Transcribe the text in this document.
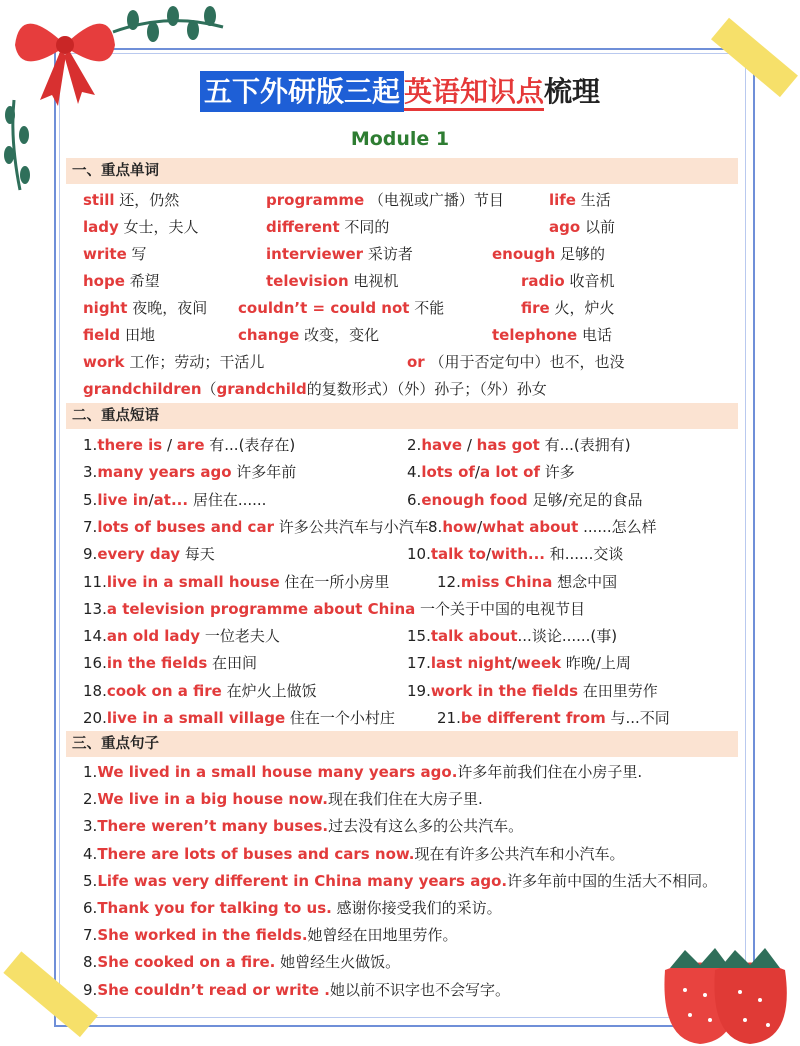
五下外研版三起 英语知识点梳理
Module 1
一、重点单词
still 还，仍然	programme （电视或广播）节目	life 生活
lady 女士，夫人	different 不同的	ago 以前
write 写	interviewer 采访者	enough 足够的
hope 希望	television 电视机	radio 收音机
night 夜晚，夜间 couldn’t = could not 不能	fire 火，炉火
field 田地	change 改变，变化	telephone 电话
work 工作；劳动；干活儿	or （用于否定句中）也不，也没
grandchildren（grandchild的复数形式）（外）孙子；（外）孙女
二、重点短语
1.there is / are 有...(表存在)	2.have / has got 有...(表拥有)
3.many years ago 许多年前	4.lots of/a lot of 许多
5.live in/at... 居住在......	6.enough food 足够/充足的食品
7.lots of buses and car 许多公共汽车与小汽车 8.how/what about ......怎么样
9.every day 每天	10.talk to/with... 和......交谈
11.live in a small house 住在一所小房里	12.miss China 想念中国
13.a television programme about China 一个关于中国的电视节目
14.an old lady 一位老夫人	15.talk about...谈论......(事)
16.in the fields 在田间	17.last night/week 昨晚/上周
18.cook on a fire 在炉火上做饭	19.work in the fields 在田里劳作
20.live in a small village 住在一个小村庄	21.be different from 与...不同
三、重点句子
1.We lived in a small house many years ago.许多年前我们住在小房子里.
2.We live in a big house now.现在我们住在大房子里.
3.There weren’t many buses.过去没有这么多的公共汽车。
4.There are lots of buses and cars now.现在有许多公共汽车和小汽车。
5.Life was very different in China many years ago.许多年前中国的生活大不相同。
6.Thank you for talking to us. 感谢你接受我们的采访。
7.She worked in the fields.她曾经在田地里劳作。
8.She cooked on a fire. 她曾经生火做饭。
9.She couldn’t read or write .她以前不识字也不会写字。
